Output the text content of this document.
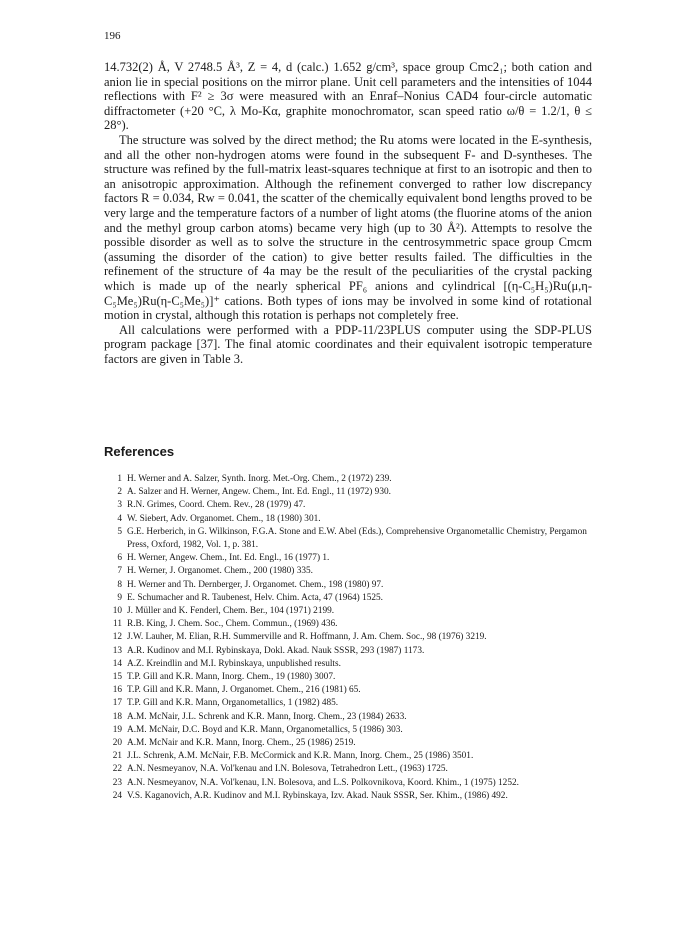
196

14.732(2) Å, V 2748.5 Å³, Z = 4, d (calc.) 1.652 g/cm³, space group Cmc2₁; both cation and anion lie in special positions on the mirror plane. Unit cell parameters and the intensities of 1044 reflections with F² ≥ 3σ were measured with an Enraf–Nonius CAD4 four-circle automatic diffractometer (+20 °C, λ Mo-Kα, graphite monochromator, scan speed ratio ω/θ = 1.2/1, θ ≤ 28°).

The structure was solved by the direct method; the Ru atoms were located in the E-synthesis, and all the other non-hydrogen atoms were found in the subsequent F- and D-syntheses. The structure was refined by the full-matrix least-squares technique at first to an isotropic and then to an anisotropic approximation. Although the refinement converged to rather low discrepancy factors R = 0.034, Rw = 0.041, the scatter of the chemically equivalent bond lengths proved to be very large and the temperature factors of a number of light atoms (the fluorine atoms of the anion and the methyl group carbon atoms) became very high (up to 30 Å²). Attempts to resolve the possible disorder as well as to solve the structure in the centrosymmetric space group Cmcm (assuming the disorder of the cation) to give better results failed. The difficulties in the refinement of the structure of 4a may be the result of the peculiarities of the crystal packing which is made up of the nearly spherical PF₆ anions and cylindrical [(η-C₅H₅)Ru(μ,η-C₅Me₅)Ru(η-C₅Me₅)]⁺ cations. Both types of ions may be involved in some kind of rotational motion in crystal, although this rotation is perhaps not completely free.

All calculations were performed with a PDP-11/23PLUS computer using the SDP-PLUS program package [37]. The final atomic coordinates and their equivalent isotropic temperature factors are given in Table 3.

References
1 H. Werner and A. Salzer, Synth. Inorg. Met.-Org. Chem., 2 (1972) 239.
2 A. Salzer and H. Werner, Angew. Chem., Int. Ed. Engl., 11 (1972) 930.
3 R.N. Grimes, Coord. Chem. Rev., 28 (1979) 47.
4 W. Siebert, Adv. Organomet. Chem., 18 (1980) 301.
5 G.E. Herberich, in G. Wilkinson, F.G.A. Stone and E.W. Abel (Eds.), Comprehensive Organometallic Chemistry, Pergamon Press, Oxford, 1982, Vol. 1, p. 381.
6 H. Werner, Angew. Chem., Int. Ed. Engl., 16 (1977) 1.
7 H. Werner, J. Organomet. Chem., 200 (1980) 335.
8 H. Werner and Th. Dernberger, J. Organomet. Chem., 198 (1980) 97.
9 E. Schumacher and R. Taubenest, Helv. Chim. Acta, 47 (1964) 1525.
10 J. Müller and K. Fenderl, Chem. Ber., 104 (1971) 2199.
11 R.B. King, J. Chem. Soc., Chem. Commun., (1969) 436.
12 J.W. Lauher, M. Elian, R.H. Summerville and R. Hoffmann, J. Am. Chem. Soc., 98 (1976) 3219.
13 A.R. Kudinov and M.I. Rybinskaya, Dokl. Akad. Nauk SSSR, 293 (1987) 1173.
14 A.Z. Kreindlin and M.I. Rybinskaya, unpublished results.
15 T.P. Gill and K.R. Mann, Inorg. Chem., 19 (1980) 3007.
16 T.P. Gill and K.R. Mann, J. Organomet. Chem., 216 (1981) 65.
17 T.P. Gill and K.R. Mann, Organometallics, 1 (1982) 485.
18 A.M. McNair, J.L. Schrenk and K.R. Mann, Inorg. Chem., 23 (1984) 2633.
19 A.M. McNair, D.C. Boyd and K.R. Mann, Organometallics, 5 (1986) 303.
20 A.M. McNair and K.R. Mann, Inorg. Chem., 25 (1986) 2519.
21 J.L. Schrenk, A.M. McNair, F.B. McCormick and K.R. Mann, Inorg. Chem., 25 (1986) 3501.
22 A.N. Nesmeyanov, N.A. Vol'kenau and I.N. Bolesova, Tetrahedron Lett., (1963) 1725.
23 A.N. Nesmeyanov, N.A. Vol'kenau, I.N. Bolesova, and L.S. Polkovnikova, Koord. Khim., 1 (1975) 1252.
24 V.S. Kaganovich, A.R. Kudinov and M.I. Rybinskaya, Izv. Akad. Nauk SSSR, Ser. Khim., (1986) 492.
